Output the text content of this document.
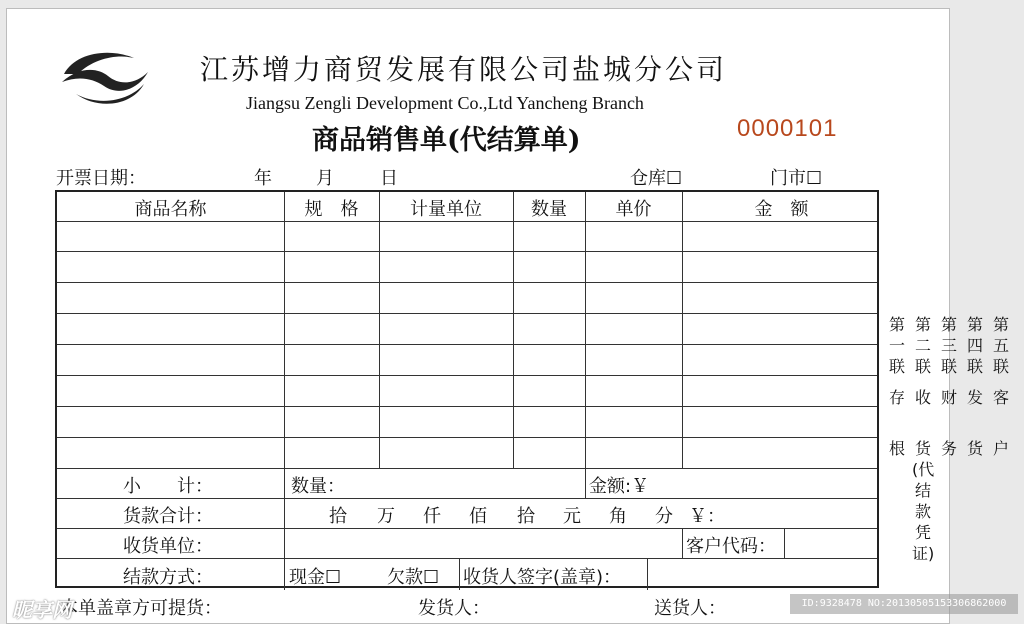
江苏增力商贸发展有限公司盐城分公司
Jiangsu Zengli Development Co.,Ltd Yancheng Branch
商品销售单(代结算单)	0000101
开票日期：	年 月	日	仓库☐	门市☐
商品名称	规　格	计量单位	数量	单价	金　额
小　　计：	数量：	金额:￥
货款合计：	拾 万 仟 佰 拾 元 角 分 ￥：
收货单位：	客户代码：
结款方式：	现金☐	欠款☐ 收货人签字(盖章)：
第
一
联
存
根
第
二
联
收
货
(代
结
款
凭
证)
第
三
联
财
务
第
四
联
发
货
第
五
联
客
户
本单盖章方可提货：	发货人：	送货人：
昵享网	ID:9328478 NO:20130505153306862000
